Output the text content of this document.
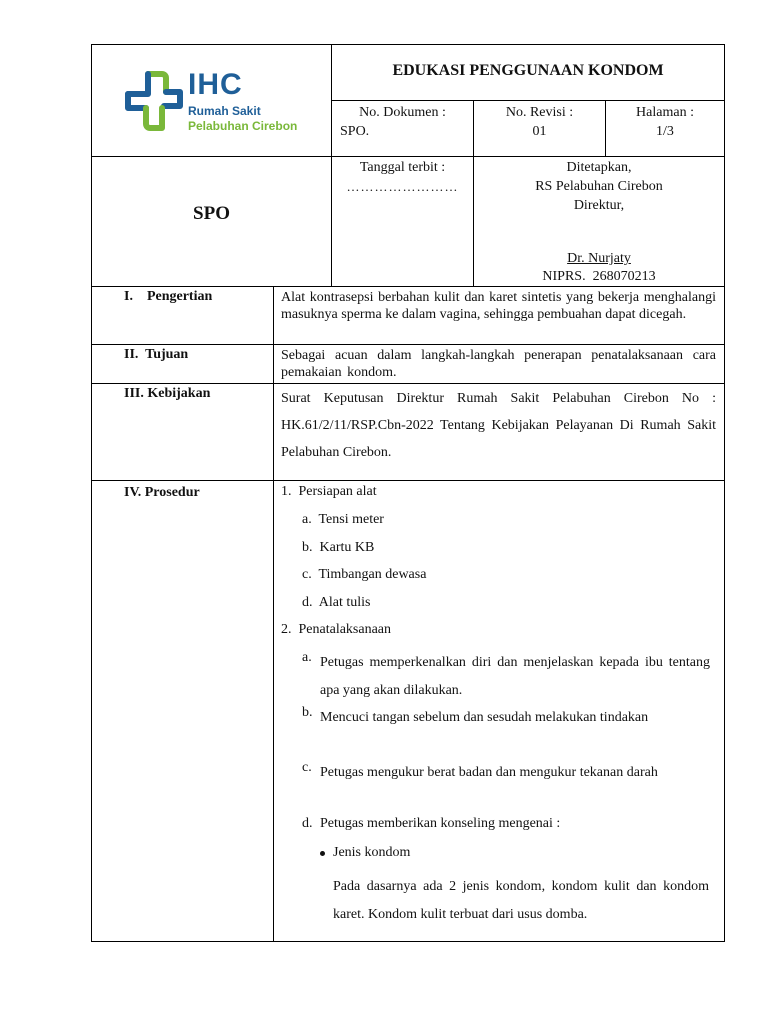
IHC
Rumah Sakit
Pelabuhan Cirebon
EDUKASI PENGGUNAAN KONDOM
No. Dokumen :
SPO.
No. Revisi :
01
Halaman :
1/3
SPO
Tanggal terbit :
……………………
Ditetapkan,
RS Pelabuhan Cirebon
Direktur,
Dr. Nurjaty
NIPRS.  268070213
I.    Pengertian	Alat kontrasepsi berbahan kulit dan karet sintetis yang bekerja menghalangi masuknya sperma ke dalam vagina, sehingga pembuahan dapat dicegah.
II.  Tujuan	Sebagai acuan dalam langkah-langkah penerapan penatalaksanaan cara pemakaian kondom.
III. Kebijakan	Surat Keputusan Direktur Rumah Sakit Pelabuhan Cirebon No : HK.61/2/11/RSP.Cbn-2022 Tentang Kebijakan Pelayanan Di Rumah Sakit Pelabuhan Cirebon.
IV. Prosedur	1.  Persiapan alat
a.  Tensi meter
b.  Kartu KB
c.  Timbangan dewasa
d.  Alat tulis
2.  Penatalaksanaan
a. Petugas memperkenalkan diri dan menjelaskan kepada ibu tentang apa yang akan dilakukan.
b. Mencuci tangan sebelum dan sesudah melakukan tindakan
c. Petugas mengukur berat badan dan mengukur tekanan darah
d. Petugas memberikan konseling mengenai :
Jenis kondom
Pada dasarnya ada 2 jenis kondom, kondom kulit dan kondom karet. Kondom kulit terbuat dari usus domba.
